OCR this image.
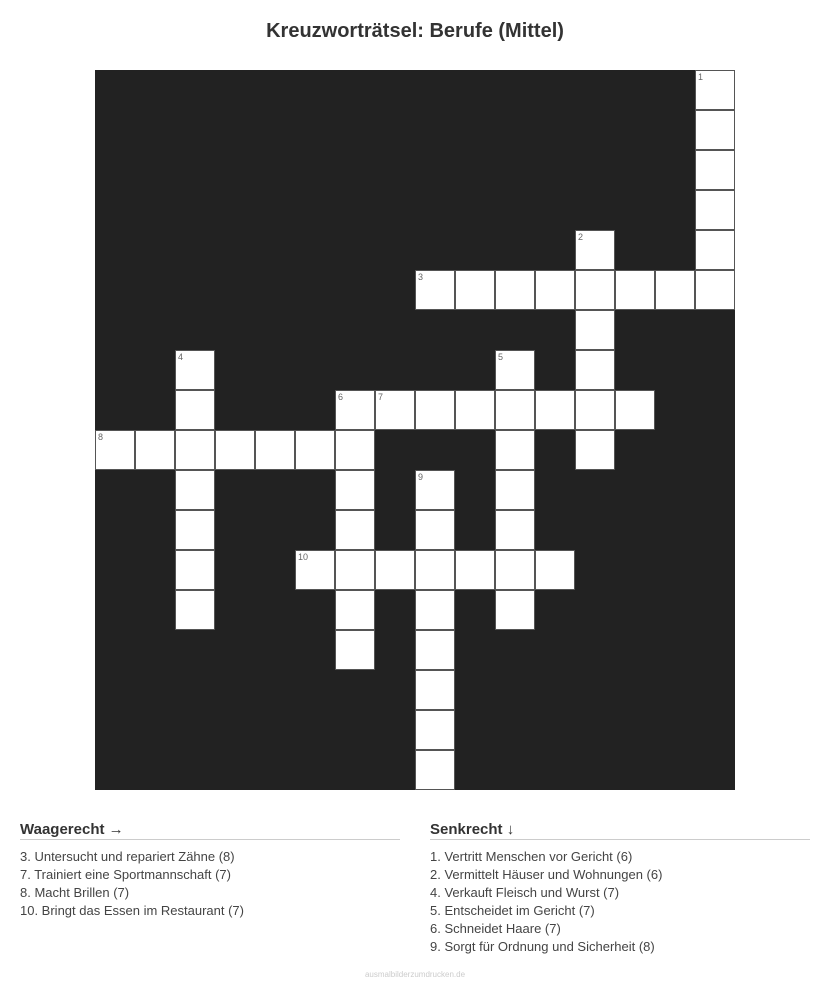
Kreuzworträtsel: Berufe (Mittel)
1
2
3
4	5
6	7
8
9
10
Waagerecht →
3. Untersucht und repariert Zähne (8)
7. Trainiert eine Sportmannschaft (7)
8. Macht Brillen (7)
10. Bringt das Essen im Restaurant (7)
Senkrecht ↓
1. Vertritt Menschen vor Gericht (6)
2. Vermittelt Häuser und Wohnungen (6)
4. Verkauft Fleisch und Wurst (7)
5. Entscheidet im Gericht (7)
6. Schneidet Haare (7)
9. Sorgt für Ordnung und Sicherheit (8)
ausmalbilderzumdrucken.de
